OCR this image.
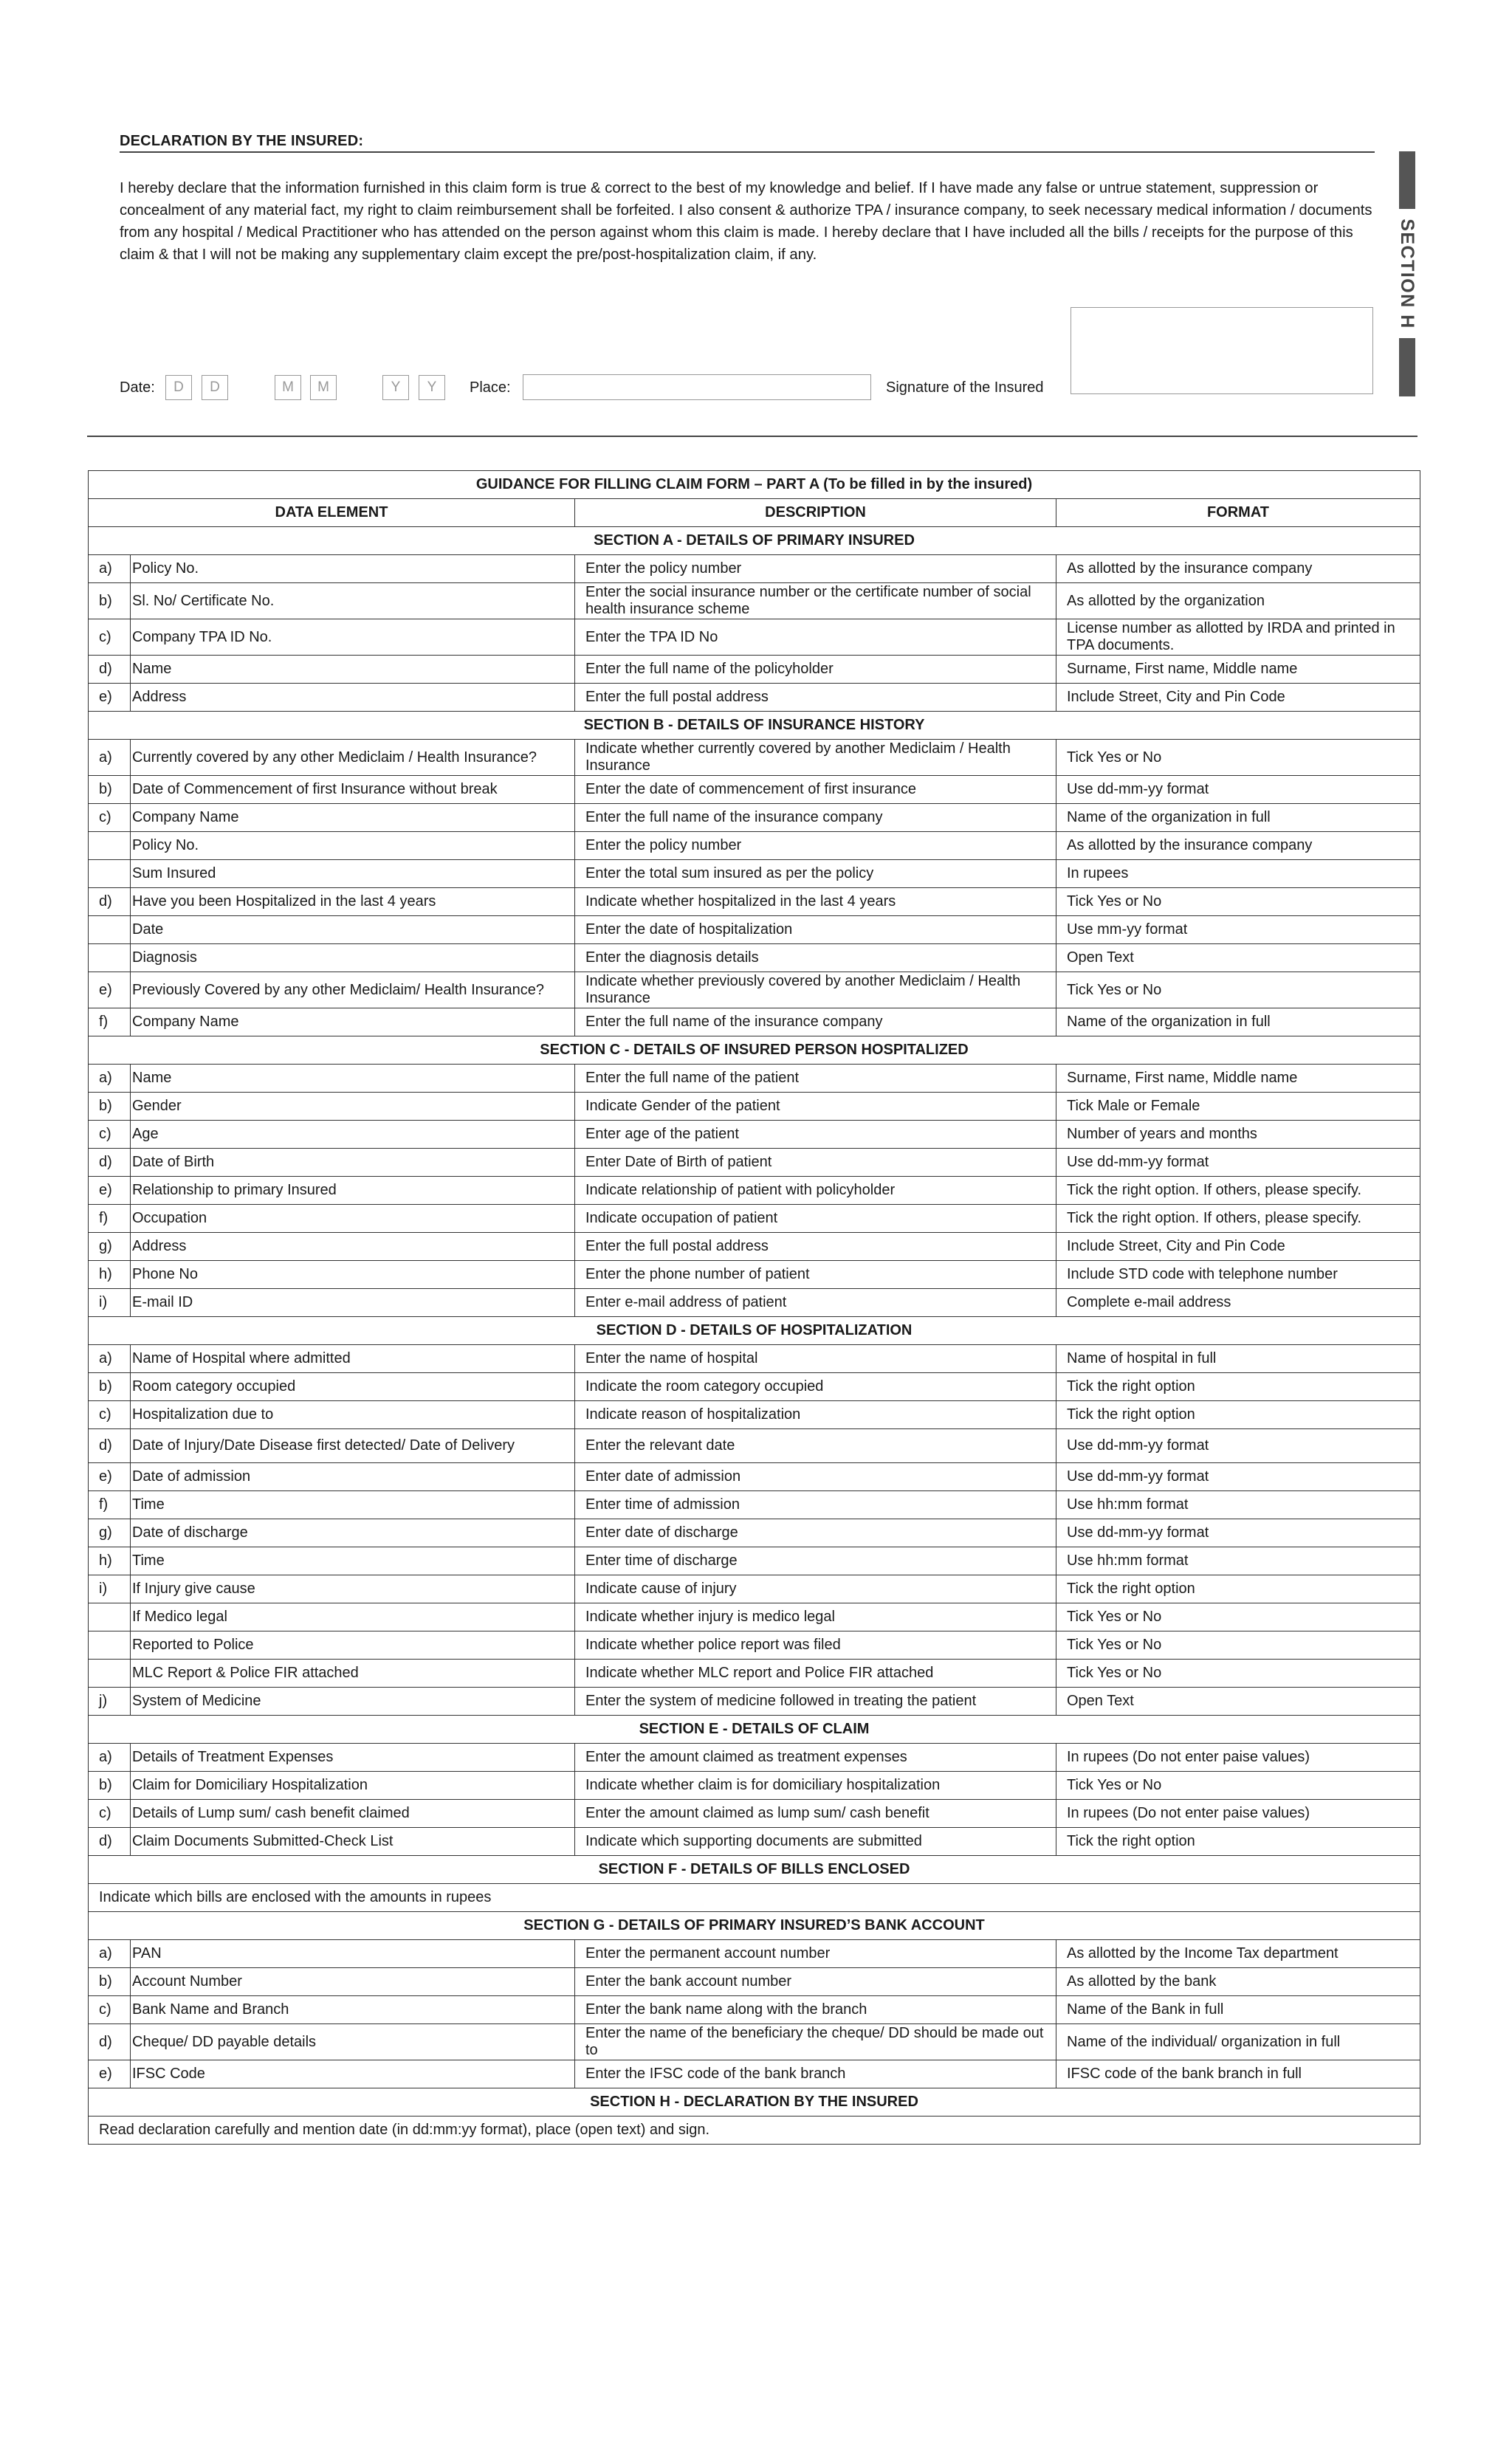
DECLARATION BY THE INSURED:
I hereby declare that the information furnished in this claim form is true & correct to the best of my knowledge and belief. If I have made any false or untrue statement, suppression or concealment of any material fact, my right to claim reimbursement shall be forfeited. I also consent & authorize TPA / insurance company, to seek necessary medical information / documents from any hospital / Medical Practitioner who has attended on the person against whom this claim is made. I hereby declare that I have included all the bills / receipts for the purpose of this claim & that I will not be making any supplementary claim except the pre/post-hospitalization claim, if any.	SECTION H
Date:	D	D	M	M	Y	Y	Place:	Signature of the Insured
GUIDANCE FOR FILLING CLAIM FORM – PART A (To be filled in by the insured)			
DATA ELEMENT		DESCRIPTION	FORMAT
SECTION A - DETAILS OF PRIMARY INSURED			
a)	Policy No.	Enter the policy number	As allotted by the insurance company
b)	Sl. No/ Certificate No.	Enter the social insurance number or the certificate number of social health insurance scheme	As allotted by the organization
c)	Company TPA ID No.	Enter the TPA ID No	License number as allotted by IRDA and printed in TPA documents.
d)	Name	Enter the full name of the policyholder	Surname, First name, Middle name
e)	Address	Enter the full postal address	Include Street, City and Pin Code
SECTION B - DETAILS OF INSURANCE HISTORY			
a)	Currently covered by any other Mediclaim / Health Insurance?	Indicate whether currently covered by another Mediclaim / Health Insurance	Tick Yes or No
b)	Date of Commencement of first Insurance without break	Enter the date of commencement of first insurance	Use dd-mm-yy format
c)	Company Name	Enter the full name of the insurance company	Name of the organization in full
	Policy No.	Enter the policy number	As allotted by the insurance company
	Sum Insured	Enter the total sum insured as per the policy	In rupees
d)	Have you been Hospitalized in the last 4 years	Indicate whether hospitalized in the last 4 years	Tick Yes or No
	Date	Enter the date of hospitalization	Use mm-yy format
	Diagnosis	Enter the diagnosis details	Open Text
e)	Previously Covered by any other Mediclaim/ Health Insurance?	Indicate whether previously covered by another Mediclaim / Health Insurance	Tick Yes or No
f)	Company Name	Enter the full name of the insurance company	Name of the organization in full
SECTION C - DETAILS OF INSURED PERSON HOSPITALIZED			
a)	Name	Enter the full name of the patient	Surname, First name, Middle name
b)	Gender	Indicate Gender of the patient	Tick Male or Female
c)	Age	Enter age of the patient	Number of years and months
d)	Date of Birth	Enter Date of Birth of patient	Use dd-mm-yy format
e)	Relationship to primary Insured	Indicate relationship of patient with policyholder	Tick the right option. If others, please specify.
f)	Occupation	Indicate occupation of patient	Tick the right option. If others, please specify.
g)	Address	Enter the full postal address	Include Street, City and Pin Code
h)	Phone No	Enter the phone number of patient	Include STD code with telephone number
i)	E-mail ID	Enter e-mail address of patient	Complete e-mail address
SECTION D - DETAILS OF HOSPITALIZATION			
a)	Name of Hospital where admitted	Enter the name of hospital	Name of hospital in full
b)	Room category occupied	Indicate the room category occupied	Tick the right option
c)	Hospitalization due to	Indicate reason of hospitalization	Tick the right option
d)	Date of Injury/Date Disease first detected/ Date of Delivery	Enter the relevant date	Use dd-mm-yy format
e)	Date of admission	Enter date of admission	Use dd-mm-yy format
f)	Time	Enter time of admission	Use hh:mm format
g)	Date of discharge	Enter date of discharge	Use dd-mm-yy format
h)	Time	Enter time of discharge	Use hh:mm format
i)	If Injury give cause	Indicate cause of injury	Tick the right option
	If Medico legal	Indicate whether injury is medico legal	Tick Yes or No
	Reported to Police	Indicate whether police report was filed	Tick Yes or No
	MLC Report & Police FIR attached	Indicate whether MLC report and Police FIR attached	Tick Yes or No
j)	System of Medicine	Enter the system of medicine followed in treating the patient	Open Text
SECTION E - DETAILS OF CLAIM			
a)	Details of Treatment Expenses	Enter the amount claimed as treatment expenses	In rupees (Do not enter paise values)
b)	Claim for Domiciliary Hospitalization	Indicate whether claim is for domiciliary hospitalization	Tick Yes or No
c)	Details of Lump sum/ cash benefit claimed	Enter the amount claimed as lump sum/ cash benefit	In rupees (Do not enter paise values)
d)	Claim Documents Submitted-Check List	Indicate which supporting documents are submitted	Tick the right option
SECTION F - DETAILS OF BILLS ENCLOSED			
Indicate which bills are enclosed with the amounts in rupees			
SECTION G - DETAILS OF PRIMARY INSURED’S BANK ACCOUNT			
a)	PAN	Enter the permanent account number	As allotted by the Income Tax department
b)	Account Number	Enter the bank account number	As allotted by the bank
c)	Bank Name and Branch	Enter the bank name along with the branch	Name of the Bank in full
d)	Cheque/ DD payable details	Enter the name of the beneficiary the cheque/ DD should be made out to	Name of the individual/ organization in full
e)	IFSC Code	Enter the IFSC code of the bank branch	IFSC code of the bank branch in full
SECTION H - DECLARATION BY THE INSURED			
Read declaration carefully and mention date (in dd:mm:yy format), place (open text) and sign.			
